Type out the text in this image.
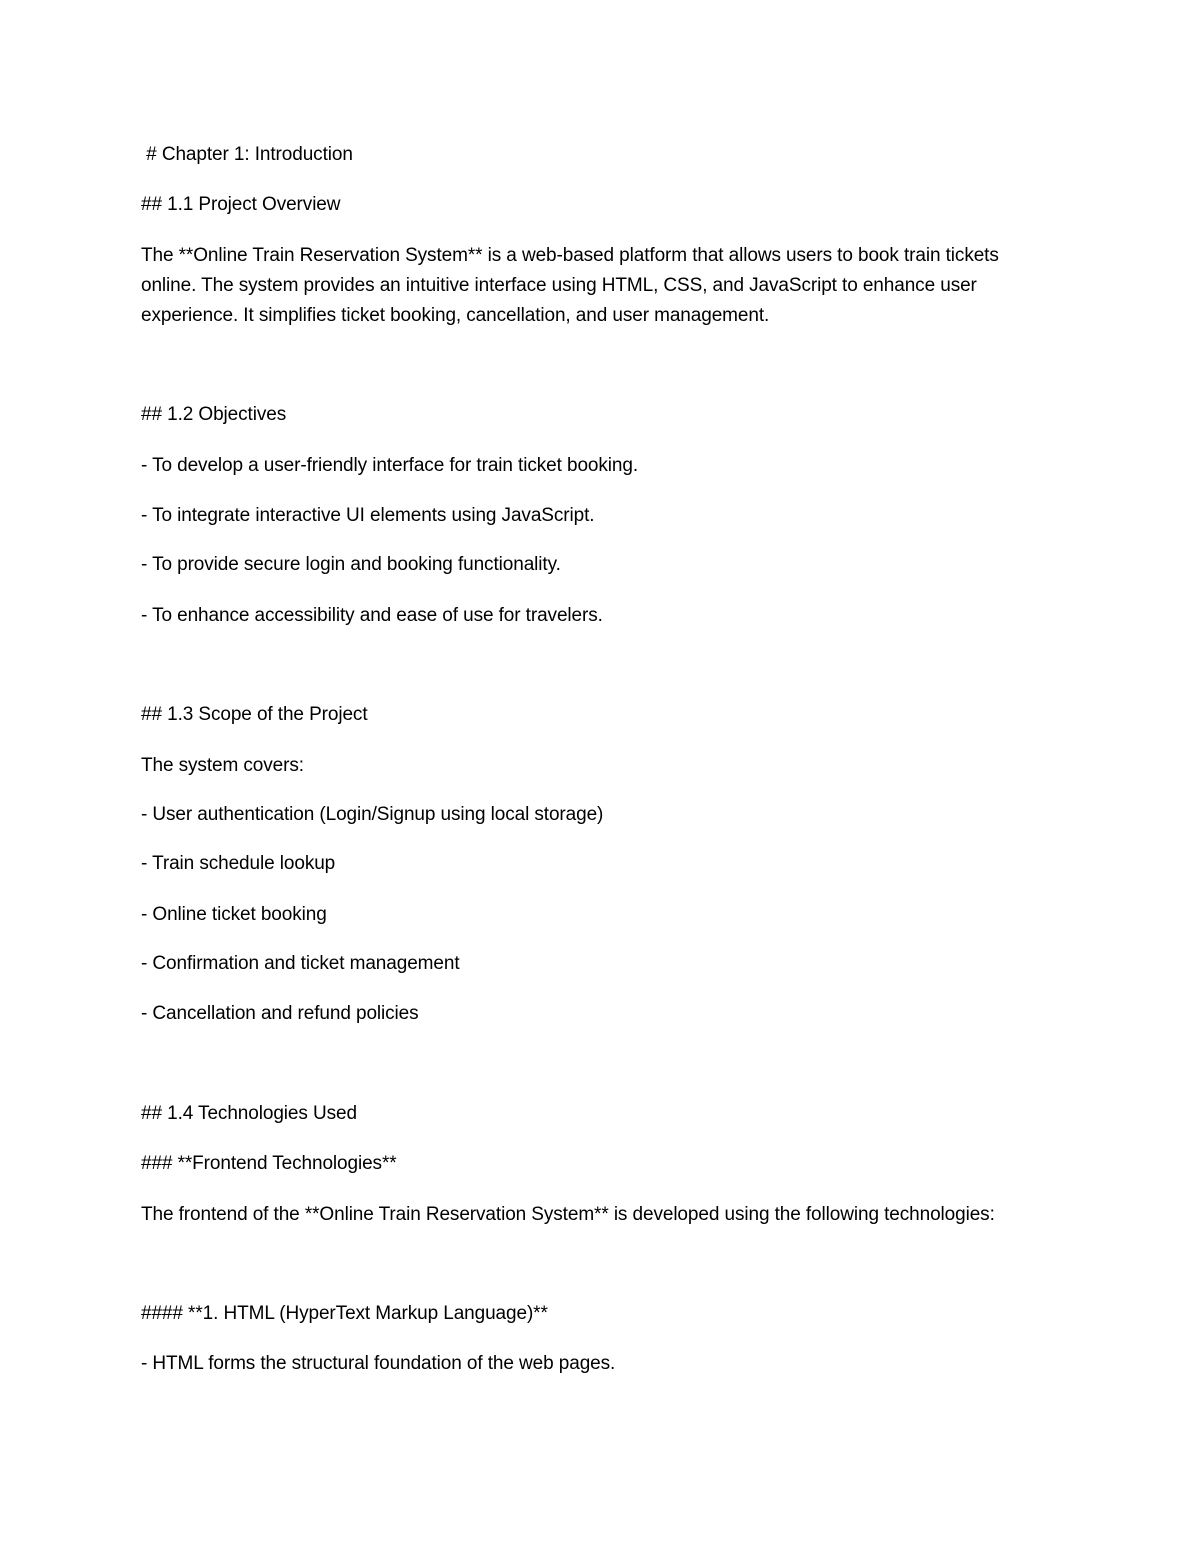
# Chapter 1: Introduction
## 1.1 Project Overview
The **Online Train Reservation System** is a web-based platform that allows users to book train tickets
online. The system provides an intuitive interface using HTML, CSS, and JavaScript to enhance user
experience. It simplifies ticket booking, cancellation, and user management.
## 1.2 Objectives
- To develop a user-friendly interface for train ticket booking.
- To integrate interactive UI elements using JavaScript.
- To provide secure login and booking functionality.
- To enhance accessibility and ease of use for travelers.
## 1.3 Scope of the Project
The system covers:
- User authentication (Login/Signup using local storage)
- Train schedule lookup
- Online ticket booking
- Confirmation and ticket management
- Cancellation and refund policies
## 1.4 Technologies Used
### **Frontend Technologies**
The frontend of the **Online Train Reservation System** is developed using the following technologies:
#### **1. HTML (HyperText Markup Language)**
- HTML forms the structural foundation of the web pages.
